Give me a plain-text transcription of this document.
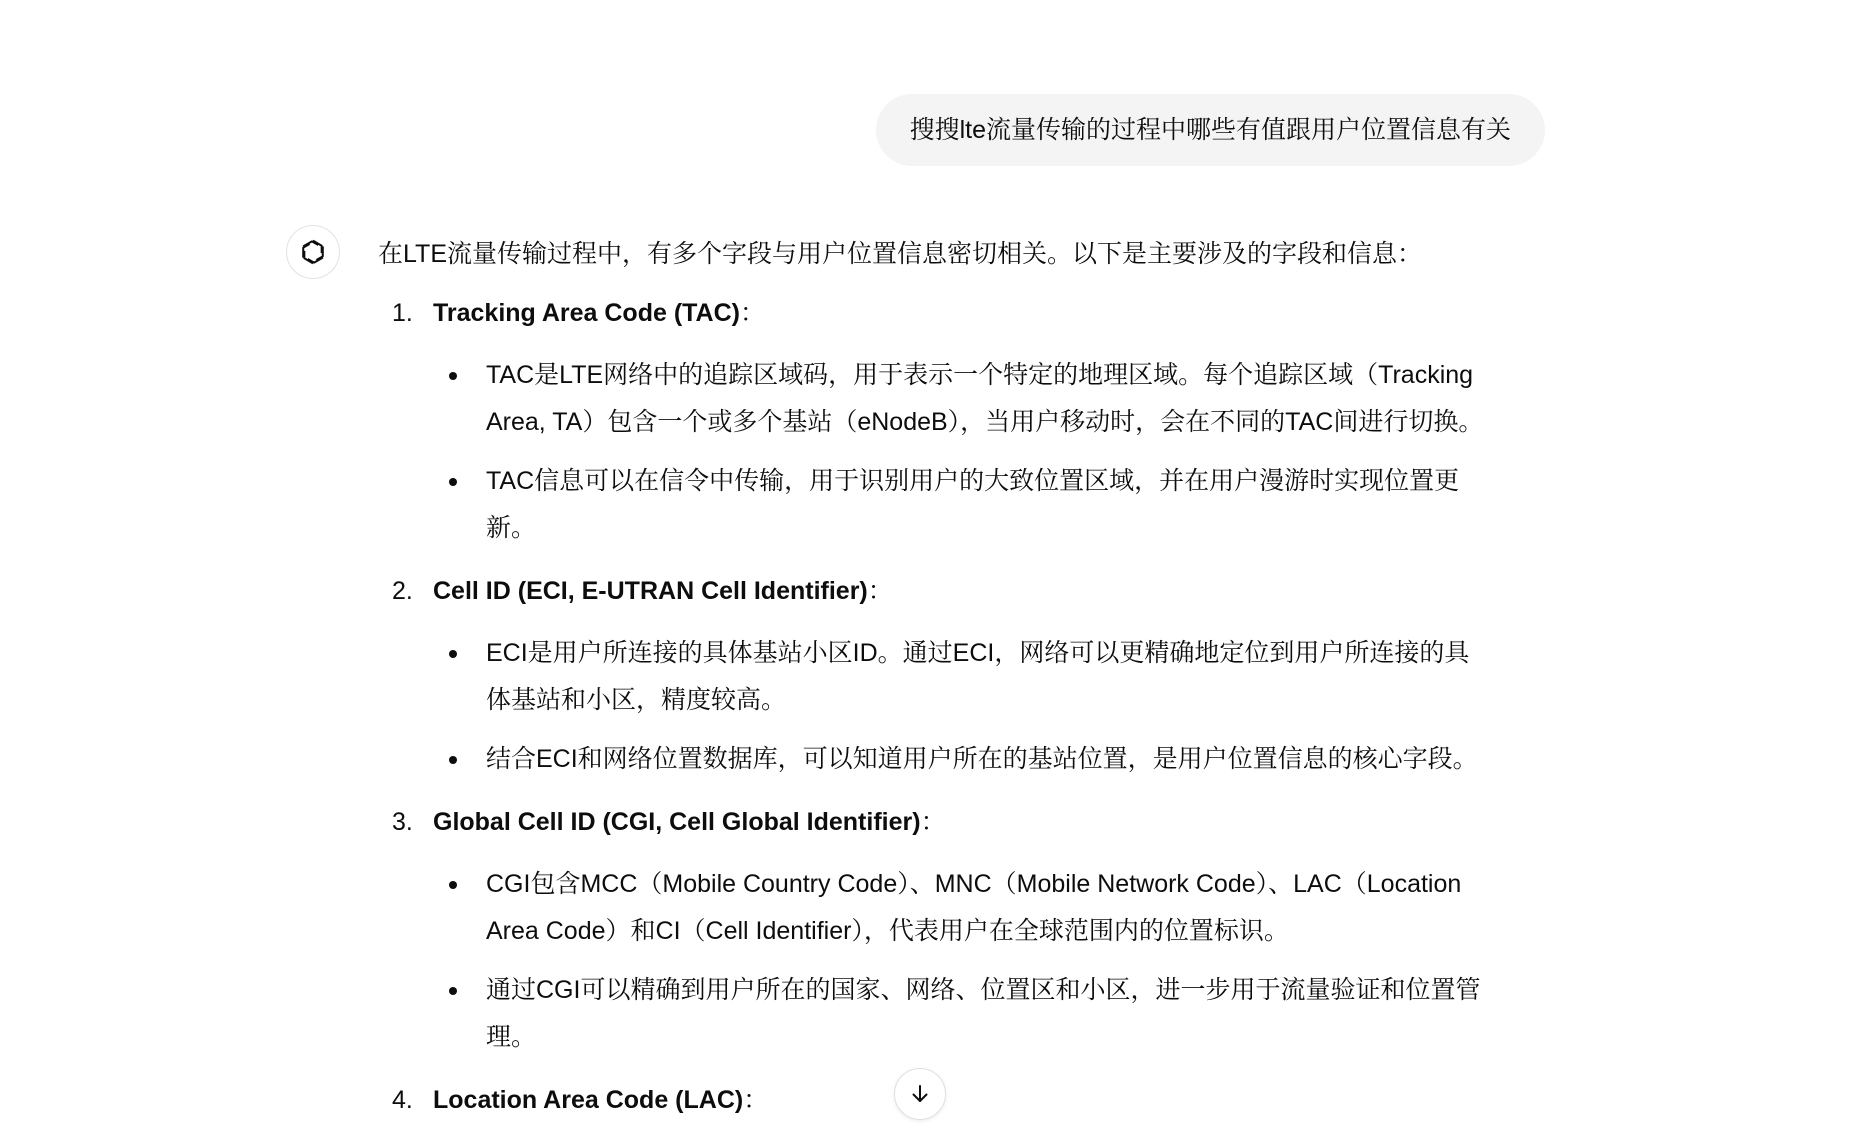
搜搜lte流量传输的过程中哪些有值跟用户位置信息有关

在LTE流量传输过程中，有多个字段与用户位置信息密切相关。以下是主要涉及的字段和信息：

1. Tracking Area Code (TAC)：
TAC是LTE网络中的追踪区域码，用于表示一个特定的地理区域。每个追踪区域（Tracking Area, TA）包含一个或多个基站（eNodeB），当用户移动时，会在不同的TAC间进行切换。
TAC信息可以在信令中传输，用于识别用户的大致位置区域，并在用户漫游时实现位置更新。
2. Cell ID (ECI, E-UTRAN Cell Identifier)：
ECI是用户所连接的具体基站小区ID。通过ECI，网络可以更精确地定位到用户所连接的具体基站和小区，精度较高。
结合ECI和网络位置数据库，可以知道用户所在的基站位置，是用户位置信息的核心字段。
3. Global Cell ID (CGI, Cell Global Identifier)：
CGI包含MCC（Mobile Country Code）、MNC（Mobile Network Code）、LAC（Location Area Code）和CI（Cell Identifier），代表用户在全球范围内的位置标识。
通过CGI可以精确到用户所在的国家、网络、位置区和小区，进一步用于流量验证和位置管理。
4. Location Area Code (LAC)：
